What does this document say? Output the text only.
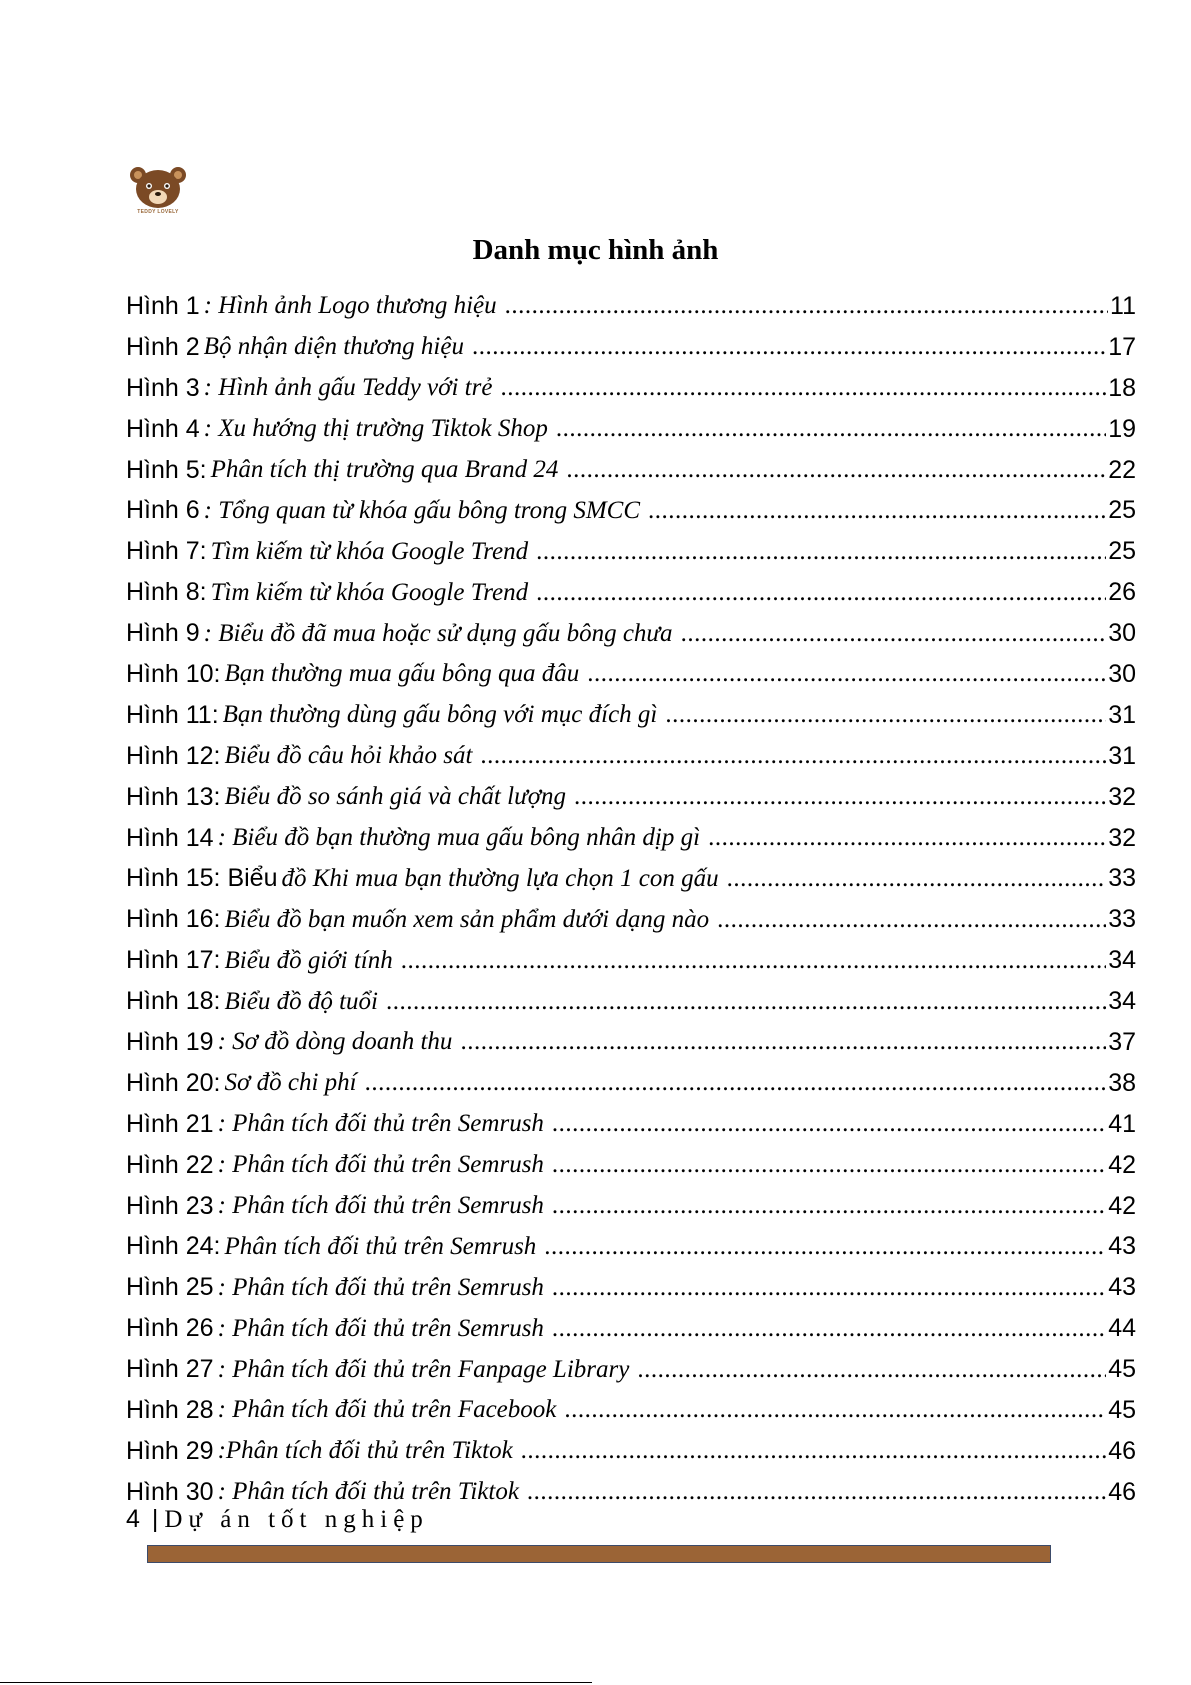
TEDDY LOVELY
Danh mục hình ảnh
Hình 1 : Hình ảnh Logo thương hiệu .....	11
Hình 2 Bộ nhận diện thương hiệu .....	17
Hình 3 : Hình ảnh gấu Teddy với trẻ .....	18
Hình 4 : Xu hướng thị trường Tiktok Shop .....	19
Hình 5: Phân tích thị trường qua Brand 24 .....	22
Hình 6 : Tổng quan từ khóa gấu bông trong SMCC .....	25
Hình 7: Tìm kiếm từ khóa Google Trend .....	25
Hình 8: Tìm kiếm từ khóa Google Trend .....	26
Hình 9 : Biểu đồ đã mua hoặc sử dụng gấu bông chưa .....	30
Hình 10: Bạn thường mua gấu bông qua đâu .....	30
Hình 11: Bạn thường dùng gấu bông với mục đích gì .....	31
Hình 12: Biểu đồ câu hỏi khảo sát .....	31
Hình 13: Biểu đồ so sánh giá và chất lượng .....	32
Hình 14 : Biểu đồ bạn thường mua gấu bông nhân dịp gì .....	32
Hình 15: Biểu đồ Khi mua bạn thường lựa chọn 1 con gấu .....	33
Hình 16: Biểu đồ bạn muốn xem sản phẩm dưới dạng nào .....	33
Hình 17: Biểu đồ giới tính .....	34
Hình 18: Biểu đồ độ tuổi .....	34
Hình 19 : Sơ đồ dòng doanh thu .....	37
Hình 20: Sơ đồ chi phí .....	38
Hình 21 : Phân tích đối thủ trên Semrush .....	41
Hình 22 : Phân tích đối thủ trên Semrush .....	42
Hình 23 : Phân tích đối thủ trên Semrush .....	42
Hình 24: Phân tích đối thủ trên Semrush .....	43
Hình 25 : Phân tích đối thủ trên Semrush .....	43
Hình 26 : Phân tích đối thủ trên Semrush .....	44
Hình 27 : Phân tích đối thủ trên Fanpage Library .....	45
Hình 28 : Phân tích đối thủ trên Facebook .....	45
Hình 29 :Phân tích đối thủ trên Tiktok .....	46
Hình 30 : Phân tích đối thủ trên Tiktok .....	46
4 | Dự án tốt nghiệp
